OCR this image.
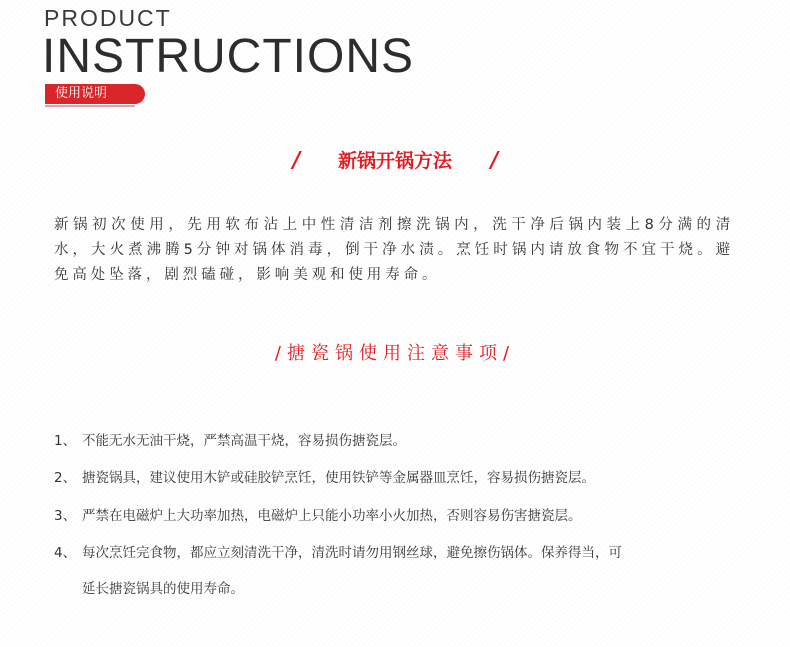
PRODUCT
INSTRUCTIONS
使用说明
/ 新锅开锅方法 /

新锅初次使用，先用软布沾上中性清洁剂擦洗锅内，洗干净后锅内装上8分满的清水，大火煮沸腾5分钟对锅体消毒，倒干净水渍。烹饪时锅内请放食物不宜干烧。避免高处坠落，剧烈磕碰，影响美观和使用寿命。

/搪瓷锅使用注意事项/
1、 不能无水无油干烧，严禁高温干烧，容易损伤搪瓷层。
2、 搪瓷锅具，建议使用木铲或硅胶铲烹饪，使用铁铲等金属器皿烹饪，容易损伤搪瓷层。
3、 严禁在电磁炉上大功率加热，电磁炉上只能小功率小火加热，否则容易伤害搪瓷层。
4、 每次烹饪完食物，都应立刻清洗干净，清洗时请勿用钢丝球，避免擦伤锅体。保养得当，可
延长搪瓷锅具的使用寿命。
